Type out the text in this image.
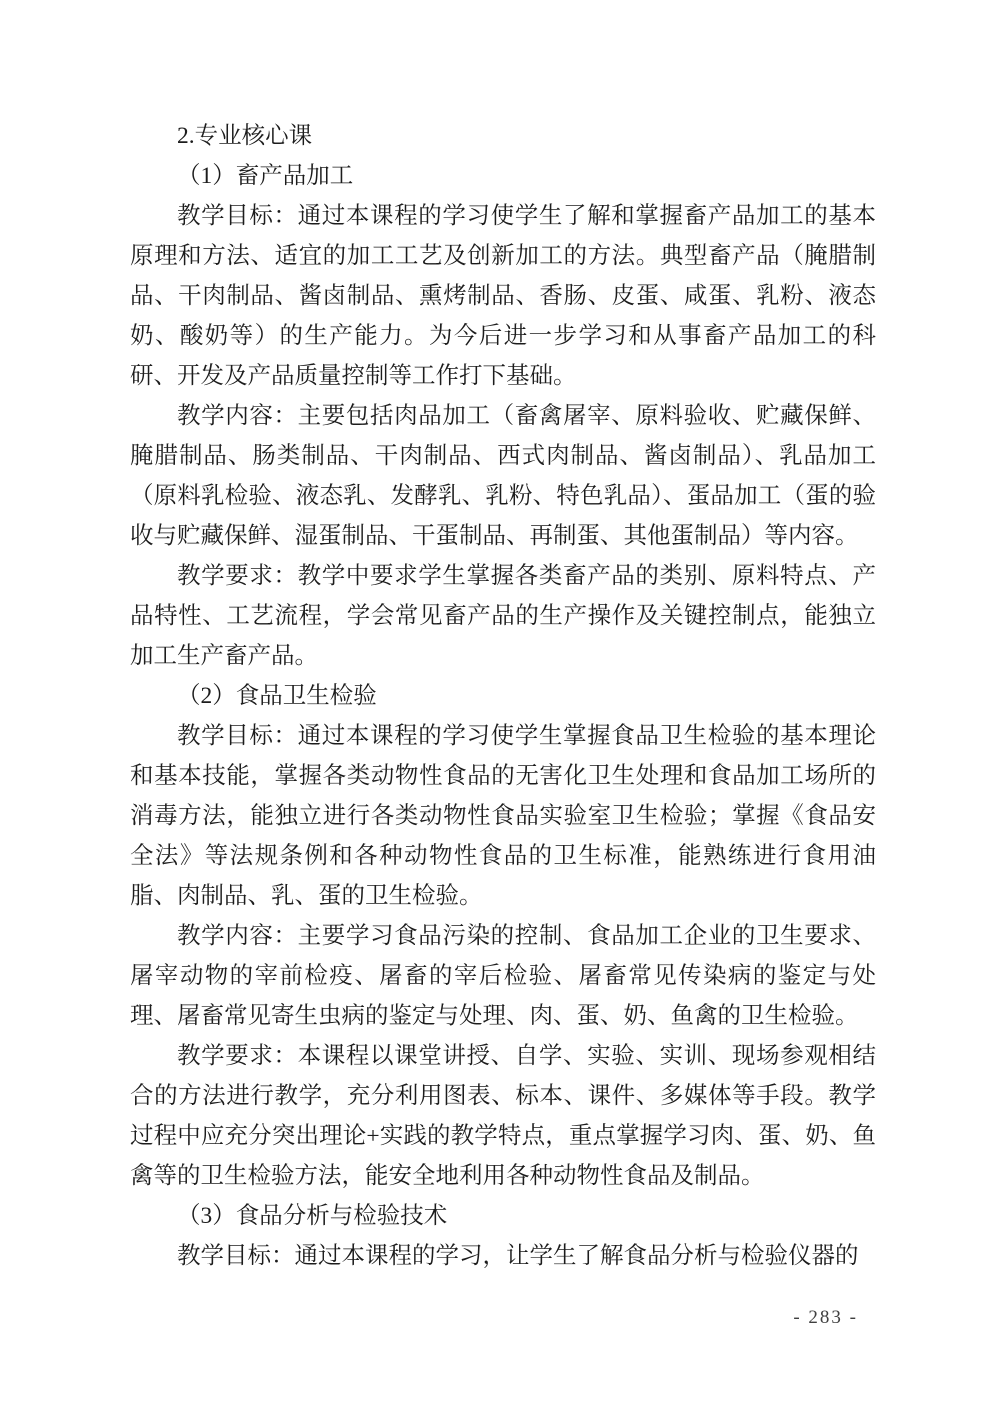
2.专业核心课

（1）畜产品加工

教学目标：通过本课程的学习使学生了解和掌握畜产品加工的基本原理和方法、适宜的加工工艺及创新加工的方法。典型畜产品（腌腊制品、干肉制品、酱卤制品、熏烤制品、香肠、皮蛋、咸蛋、乳粉、液态奶、酸奶等）的生产能力。为今后进一步学习和从事畜产品加工的科研、开发及产品质量控制等工作打下基础。

教学内容：主要包括肉品加工（畜禽屠宰、原料验收、贮藏保鲜、腌腊制品、肠类制品、干肉制品、西式肉制品、酱卤制品）、乳品加工（原料乳检验、液态乳、发酵乳、乳粉、特色乳品）、蛋品加工（蛋的验收与贮藏保鲜、湿蛋制品、干蛋制品、再制蛋、其他蛋制品）等内容。

教学要求：教学中要求学生掌握各类畜产品的类别、原料特点、产品特性、工艺流程，学会常见畜产品的生产操作及关键控制点，能独立加工生产畜产品。

（2）食品卫生检验

教学目标：通过本课程的学习使学生掌握食品卫生检验的基本理论和基本技能，掌握各类动物性食品的无害化卫生处理和食品加工场所的消毒方法，能独立进行各类动物性食品实验室卫生检验；掌握《食品安全法》等法规条例和各种动物性食品的卫生标准，能熟练进行食用油脂、肉制品、乳、蛋的卫生检验。

教学内容：主要学习食品污染的控制、食品加工企业的卫生要求、屠宰动物的宰前检疫、屠畜的宰后检验、屠畜常见传染病的鉴定与处理、屠畜常见寄生虫病的鉴定与处理、肉、蛋、奶、鱼禽的卫生检验。

教学要求：本课程以课堂讲授、自学、实验、实训、现场参观相结合的方法进行教学，充分利用图表、标本、课件、多媒体等手段。教学过程中应充分突出理论+实践的教学特点，重点掌握学习肉、蛋、奶、鱼禽等的卫生检验方法，能安全地利用各种动物性食品及制品。

（3）食品分析与检验技术

教学目标：通过本课程的学习，让学生了解食品分析与检验仪器的

- 283 -
